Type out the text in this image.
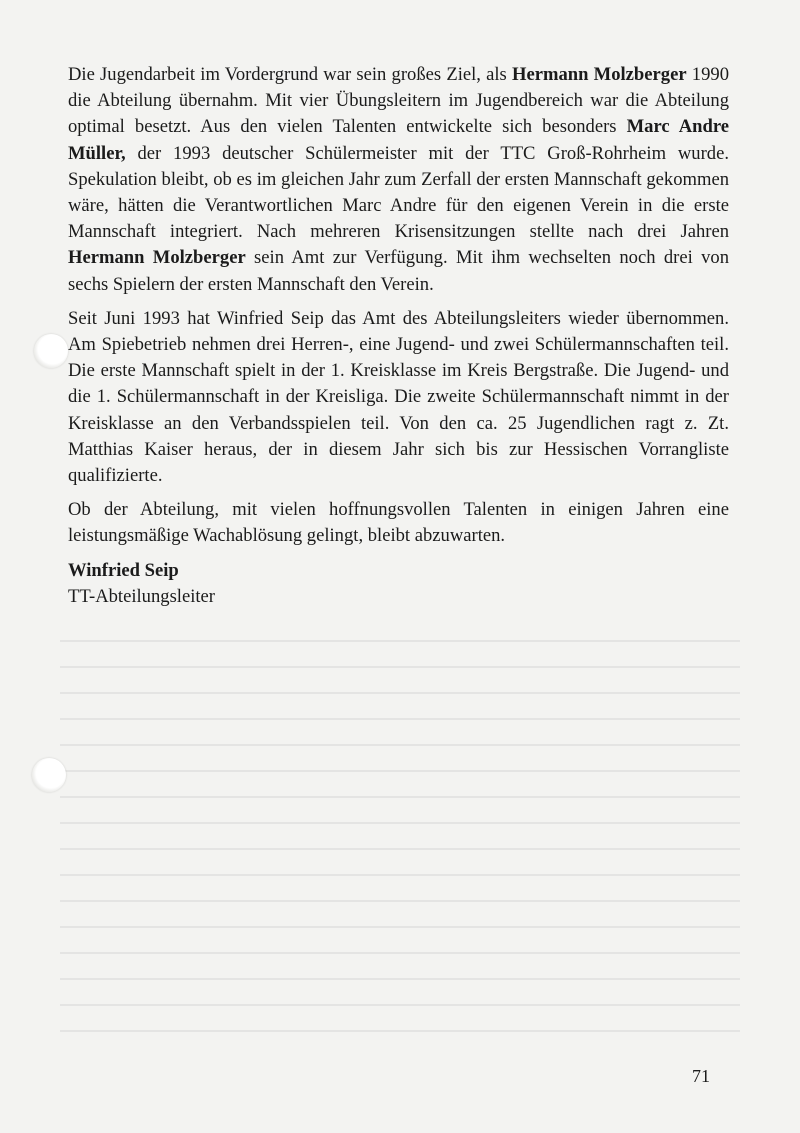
Die Jugendarbeit im Vordergrund war sein großes Ziel, als Hermann Molzberger 1990 die Abteilung übernahm. Mit vier Übungsleitern im Jugendbereich war die Abteilung optimal besetzt. Aus den vielen Talenten entwickelte sich besonders Marc Andre Müller, der 1993 deutscher Schülermeister mit der TTC Groß-Rohrheim wurde. Spekulation bleibt, ob es im gleichen Jahr zum Zerfall der ersten Mannschaft gekommen wäre, hätten die Verantwortlichen Marc Andre für den eigenen Verein in die erste Mannschaft integriert. Nach mehreren Krisensitzungen stellte nach drei Jahren Hermann Molzberger sein Amt zur Verfügung. Mit ihm wechselten noch drei von sechs Spielern der ersten Mannschaft den Verein.

Seit Juni 1993 hat Winfried Seip das Amt des Abteilungsleiters wieder übernommen. Am Spiebetrieb nehmen drei Herren-, eine Jugend- und zwei Schülermannschaften teil. Die erste Mannschaft spielt in der 1. Kreisklasse im Kreis Bergstraße. Die Jugend- und die 1. Schülermannschaft in der Kreisliga. Die zweite Schülermannschaft nimmt in der Kreisklasse an den Verbandsspielen teil. Von den ca. 25 Jugendlichen ragt z. Zt. Matthias Kaiser heraus, der in diesem Jahr sich bis zur Hessischen Vorrangliste qualifizierte.

Ob der Abteilung, mit vielen hoffnungsvollen Talenten in einigen Jahren eine leistungsmäßige Wachablösung gelingt, bleibt abzuwarten.

Winfried Seip
TT-Abteilungsleiter
71
